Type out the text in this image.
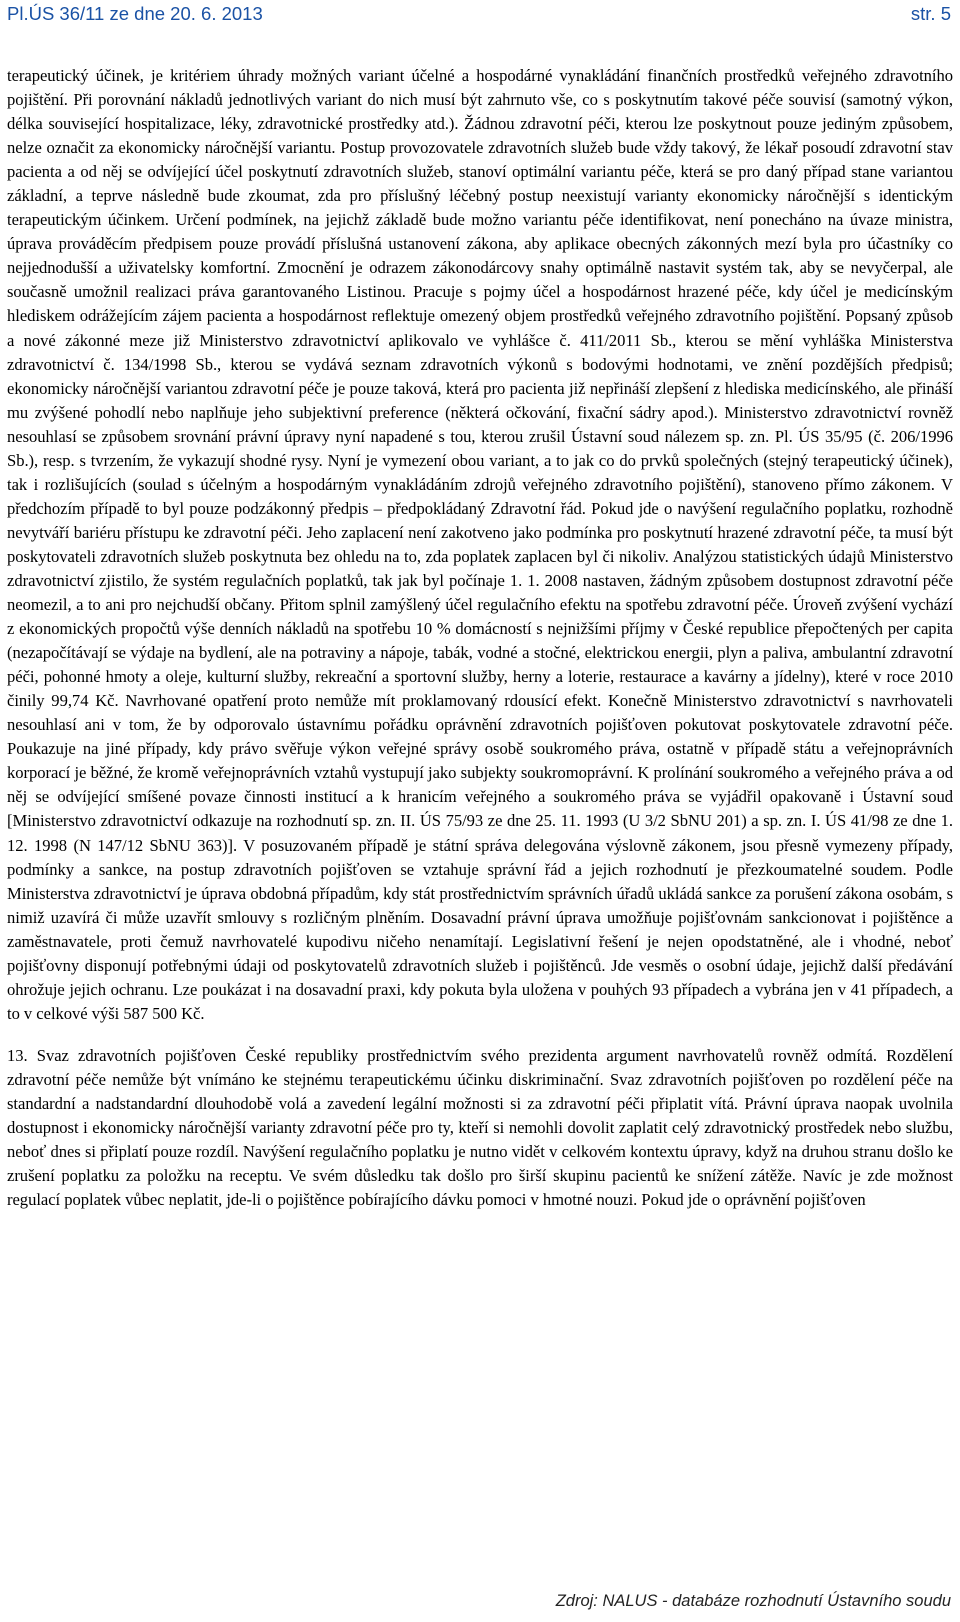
Pl.ÚS 36/11 ze dne 20. 6. 2013	str. 5

terapeutický účinek, je kritériem úhrady možných variant účelné a hospodárné vynakládání finančních prostředků veřejného zdravotního pojištění. Při porovnání nákladů jednotlivých variant do nich musí být zahrnuto vše, co s poskytnutím takové péče souvisí (samotný výkon, délka související hospitalizace, léky, zdravotnické prostředky atd.). Žádnou zdravotní péči, kterou lze poskytnout pouze jediným způsobem, nelze označit za ekonomicky náročnější variantu. Postup provozovatele zdravotních služeb bude vždy takový, že lékař posoudí zdravotní stav pacienta a od něj se odvíjející účel poskytnutí zdravotních služeb, stanoví optimální variantu péče, která se pro daný případ stane variantou základní, a teprve následně bude zkoumat, zda pro příslušný léčebný postup neexistují varianty ekonomicky náročnější s identickým terapeutickým účinkem. Určení podmínek, na jejichž základě bude možno variantu péče identifikovat, není ponecháno na úvaze ministra, úprava prováděcím předpisem pouze provádí příslušná ustanovení zákona, aby aplikace obecných zákonných mezí byla pro účastníky co nejjednodušší a uživatelsky komfortní. Zmocnění je odrazem zákonodárcovy snahy optimálně nastavit systém tak, aby se nevyčerpal, ale současně umožnil realizaci práva garantovaného Listinou. Pracuje s pojmy účel a hospodárnost hrazené péče, kdy účel je medicínským hlediskem odrážejícím zájem pacienta a hospodárnost reflektuje omezený objem prostředků veřejného zdravotního pojištění. Popsaný způsob a nové zákonné meze již Ministerstvo zdravotnictví aplikovalo ve vyhlášce č. 411/2011 Sb., kterou se mění vyhláška Ministerstva zdravotnictví č. 134/1998 Sb., kterou se vydává seznam zdravotních výkonů s bodovými hodnotami, ve znění pozdějších předpisů; ekonomicky náročnější variantou zdravotní péče je pouze taková, která pro pacienta již nepřináší zlepšení z hlediska medicínského, ale přináší mu zvýšené pohodlí nebo naplňuje jeho subjektivní preference (některá očkování, fixační sádry apod.). Ministerstvo zdravotnictví rovněž nesouhlasí se způsobem srovnání právní úpravy nyní napadené s tou, kterou zrušil Ústavní soud nálezem sp. zn. Pl. ÚS 35/95 (č. 206/1996 Sb.), resp. s tvrzením, že vykazují shodné rysy. Nyní je vymezení obou variant, a to jak co do prvků společných (stejný terapeutický účinek), tak i rozlišujících (soulad s účelným a hospodárným vynakládáním zdrojů veřejného zdravotního pojištění), stanoveno přímo zákonem. V předchozím případě to byl pouze podzákonný předpis – předpokládaný Zdravotní řád. Pokud jde o navýšení regulačního poplatku, rozhodně nevytváří bariéru přístupu ke zdravotní péči. Jeho zaplacení není zakotveno jako podmínka pro poskytnutí hrazené zdravotní péče, ta musí být poskytovateli zdravotních služeb poskytnuta bez ohledu na to, zda poplatek zaplacen byl či nikoliv. Analýzou statistických údajů Ministerstvo zdravotnictví zjistilo, že systém regulačních poplatků, tak jak byl počínaje 1. 1. 2008 nastaven, žádným způsobem dostupnost zdravotní péče neomezil, a to ani pro nejchudší občany. Přitom splnil zamýšlený účel regulačního efektu na spotřebu zdravotní péče. Úroveň zvýšení vychází z ekonomických propočtů výše denních nákladů na spotřebu 10 % domácností s nejnižšími příjmy v České republice přepočtených per capita (nezapočítávají se výdaje na bydlení, ale na potraviny a nápoje, tabák, vodné a stočné, elektrickou energii, plyn a paliva, ambulantní zdravotní péči, pohonné hmoty a oleje, kulturní služby, rekreační a sportovní služby, herny a loterie, restaurace a kavárny a jídelny), které v roce 2010 činily 99,74 Kč. Navrhované opatření proto nemůže mít proklamovaný rdousící efekt. Konečně Ministerstvo zdravotnictví s navrhovateli nesouhlasí ani v tom, že by odporovalo ústavnímu pořádku oprávnění zdravotních pojišťoven pokutovat poskytovatele zdravotní péče. Poukazuje na jiné případy, kdy právo svěřuje výkon veřejné správy osobě soukromého práva, ostatně v případě státu a veřejnoprávních korporací je běžné, že kromě veřejnoprávních vztahů vystupují jako subjekty soukromoprávní. K prolínání soukromého a veřejného práva a od něj se odvíjející smíšené povaze činnosti institucí a k hranicím veřejného a soukromého práva se vyjádřil opakovaně i Ústavní soud [Ministerstvo zdravotnictví odkazuje na rozhodnutí sp. zn. II. ÚS 75/93 ze dne 25. 11. 1993 (U 3/2 SbNU 201) a sp. zn. I. ÚS 41/98 ze dne 1. 12. 1998 (N 147/12 SbNU 363)]. V posuzovaném případě je státní správa delegována výslovně zákonem, jsou přesně vymezeny případy, podmínky a sankce, na postup zdravotních pojišťoven se vztahuje správní řád a jejich rozhodnutí je přezkoumatelné soudem. Podle Ministerstva zdravotnictví je úprava obdobná případům, kdy stát prostřednictvím správních úřadů ukládá sankce za porušení zákona osobám, s nimiž uzavírá či může uzavřít smlouvy s rozličným plněním. Dosavadní právní úprava umožňuje pojišťovnám sankcionovat i pojištěnce a zaměstnavatele, proti čemuž navrhovatelé kupodivu ničeho nenamítají. Legislativní řešení je nejen opodstatněné, ale i vhodné, neboť pojišťovny disponují potřebnými údaji od poskytovatelů zdravotních služeb i pojištěnců. Jde vesměs o osobní údaje, jejichž další předávání ohrožuje jejich ochranu. Lze poukázat i na dosavadní praxi, kdy pokuta byla uložena v pouhých 93 případech a vybrána jen v 41 případech, a to v celkové výši 587 500 Kč.

13. Svaz zdravotních pojišťoven České republiky prostřednictvím svého prezidenta argument navrhovatelů rovněž odmítá. Rozdělení zdravotní péče nemůže být vnímáno ke stejnému terapeutickému účinku diskriminační. Svaz zdravotních pojišťoven po rozdělení péče na standardní a nadstandardní dlouhodobě volá a zavedení legální možnosti si za zdravotní péči připlatit vítá. Právní úprava naopak uvolnila dostupnost i ekonomicky náročnější varianty zdravotní péče pro ty, kteří si nemohli dovolit zaplatit celý zdravotnický prostředek nebo službu, neboť dnes si připlatí pouze rozdíl. Navýšení regulačního poplatku je nutno vidět v celkovém kontextu úpravy, když na druhou stranu došlo ke zrušení poplatku za položku na receptu. Ve svém důsledku tak došlo pro širší skupinu pacientů ke snížení zátěže. Navíc je zde možnost regulací poplatek vůbec neplatit, jde-li o pojištěnce pobírajícího dávku pomoci v hmotné nouzi. Pokud jde o oprávnění pojišťoven

Zdroj: NALUS - databáze rozhodnutí Ústavního soudu
